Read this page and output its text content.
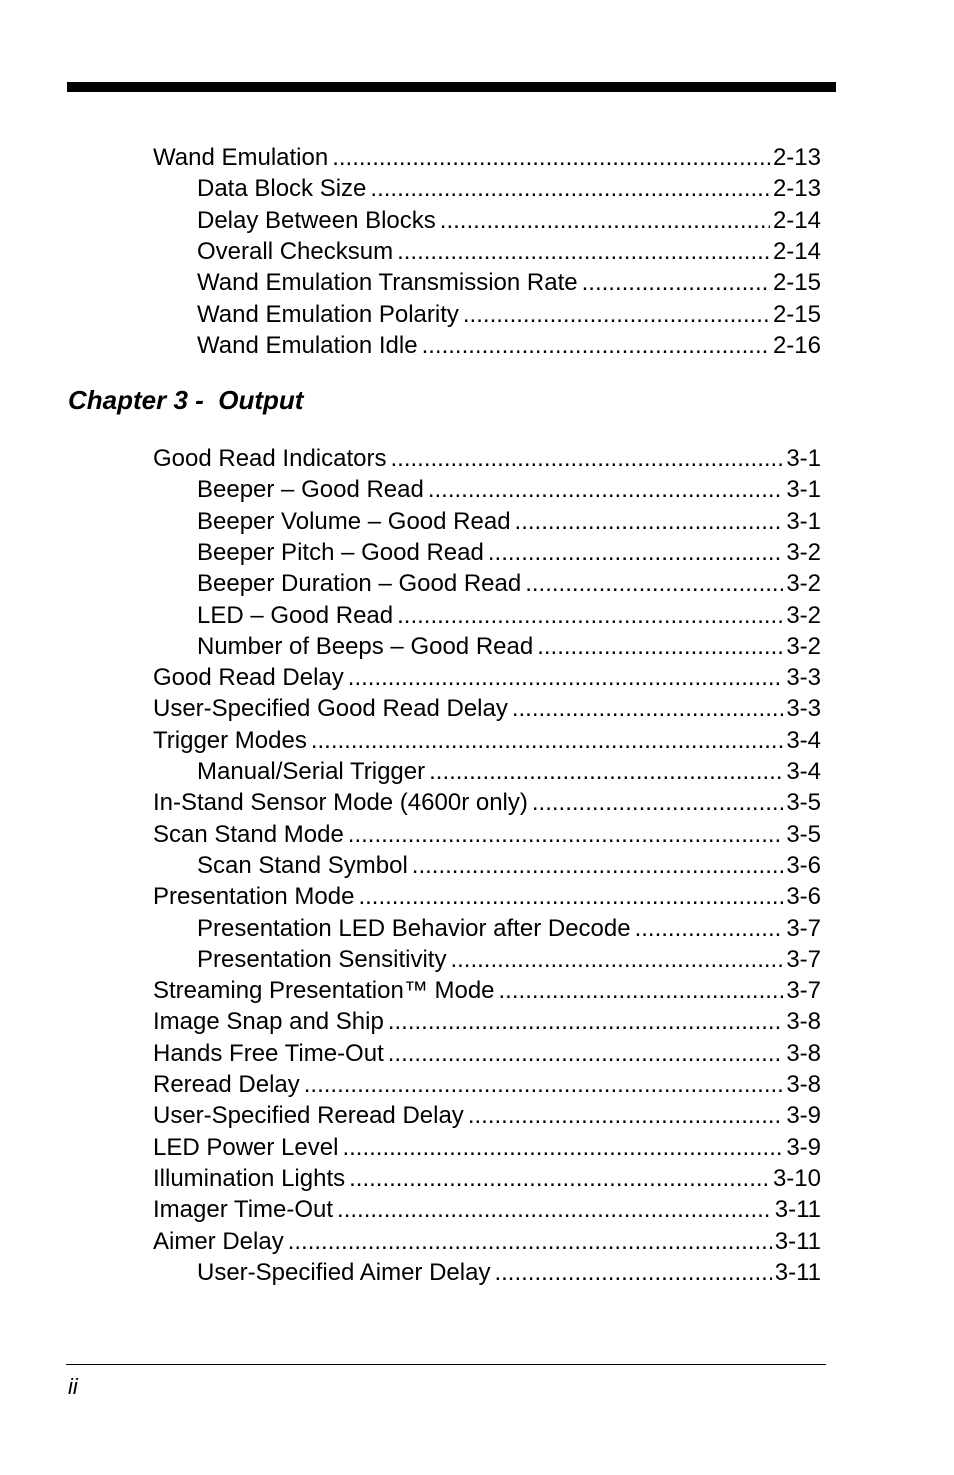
Wand Emulation .....	2-13
Data Block Size .....	2-13
Delay Between Blocks .....	2-14
Overall Checksum .....	2-14
Wand Emulation Transmission Rate .....	2-15
Wand Emulation Polarity .....	2-15
Wand Emulation Idle .....	2-16
Chapter 3 -  Output
Good Read Indicators .....	3-1
Beeper – Good Read .....	3-1
Beeper Volume – Good Read .....	3-1
Beeper Pitch – Good Read .....	3-2
Beeper Duration – Good Read .....	3-2
LED – Good Read .....	3-2
Number of Beeps – Good Read .....	3-2
Good Read Delay .....	3-3
User-Specified Good Read Delay .....	3-3
Trigger Modes .....	3-4
Manual/Serial Trigger .....	3-4
In-Stand Sensor Mode (4600r only) .....	3-5
Scan Stand Mode .....	3-5
Scan Stand Symbol .....	3-6
Presentation Mode .....	3-6
Presentation LED Behavior after Decode .....	3-7
Presentation Sensitivity .....	3-7
Streaming Presentation™ Mode .....	3-7
Image Snap and Ship .....	3-8
Hands Free Time-Out .....	3-8
Reread Delay .....	3-8
User-Specified Reread Delay .....	3-9
LED Power Level .....	3-9
Illumination Lights .....	3-10
Imager Time-Out .....	3-11
Aimer Delay .....	3-11
User-Specified Aimer Delay .....	3-11
ii
